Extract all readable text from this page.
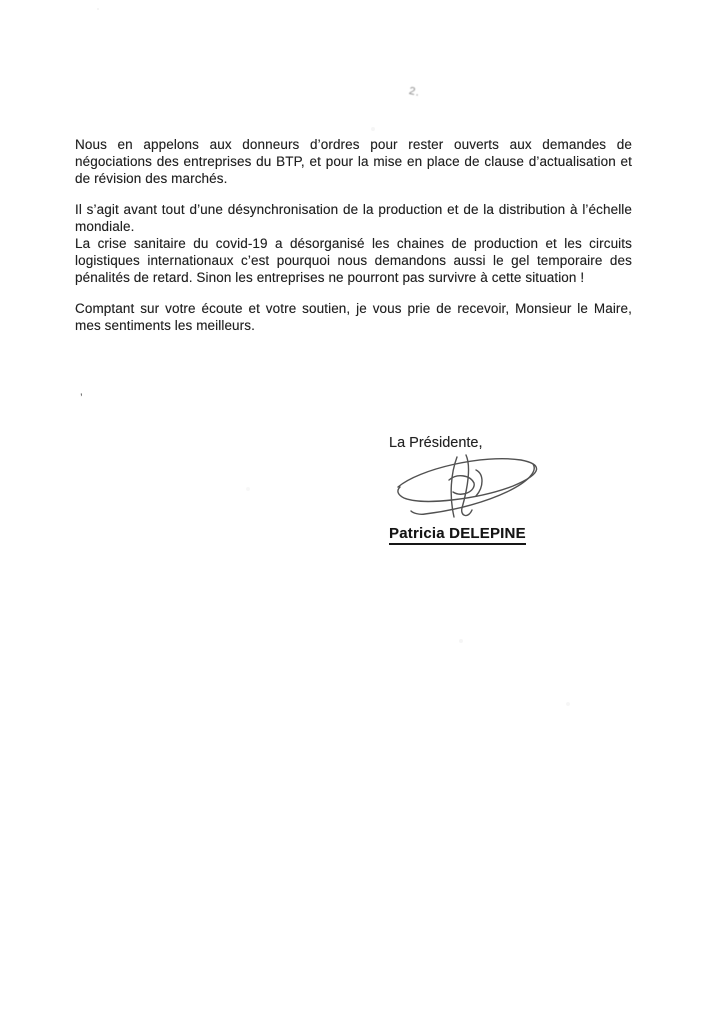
2.

Nous en appelons aux donneurs d’ordres pour rester ouverts aux demandes de négociations des entreprises du BTP, et pour la mise en place de clause d’actualisation et de révision des marchés.

Il s’agit avant tout d’une désynchronisation de la production et de la distribution à l’échelle mondiale.

La crise sanitaire du covid-19 a désorganisé les chaines de production et les circuits logistiques internationaux c’est pourquoi nous demandons aussi le gel temporaire des pénalités de retard. Sinon les entreprises ne pourront pas survivre à cette situation !

Comptant sur votre écoute et votre soutien, je vous prie de recevoir, Monsieur le Maire, mes sentiments les meilleurs.

’
La Présidente,
Patricia DELEPINE
